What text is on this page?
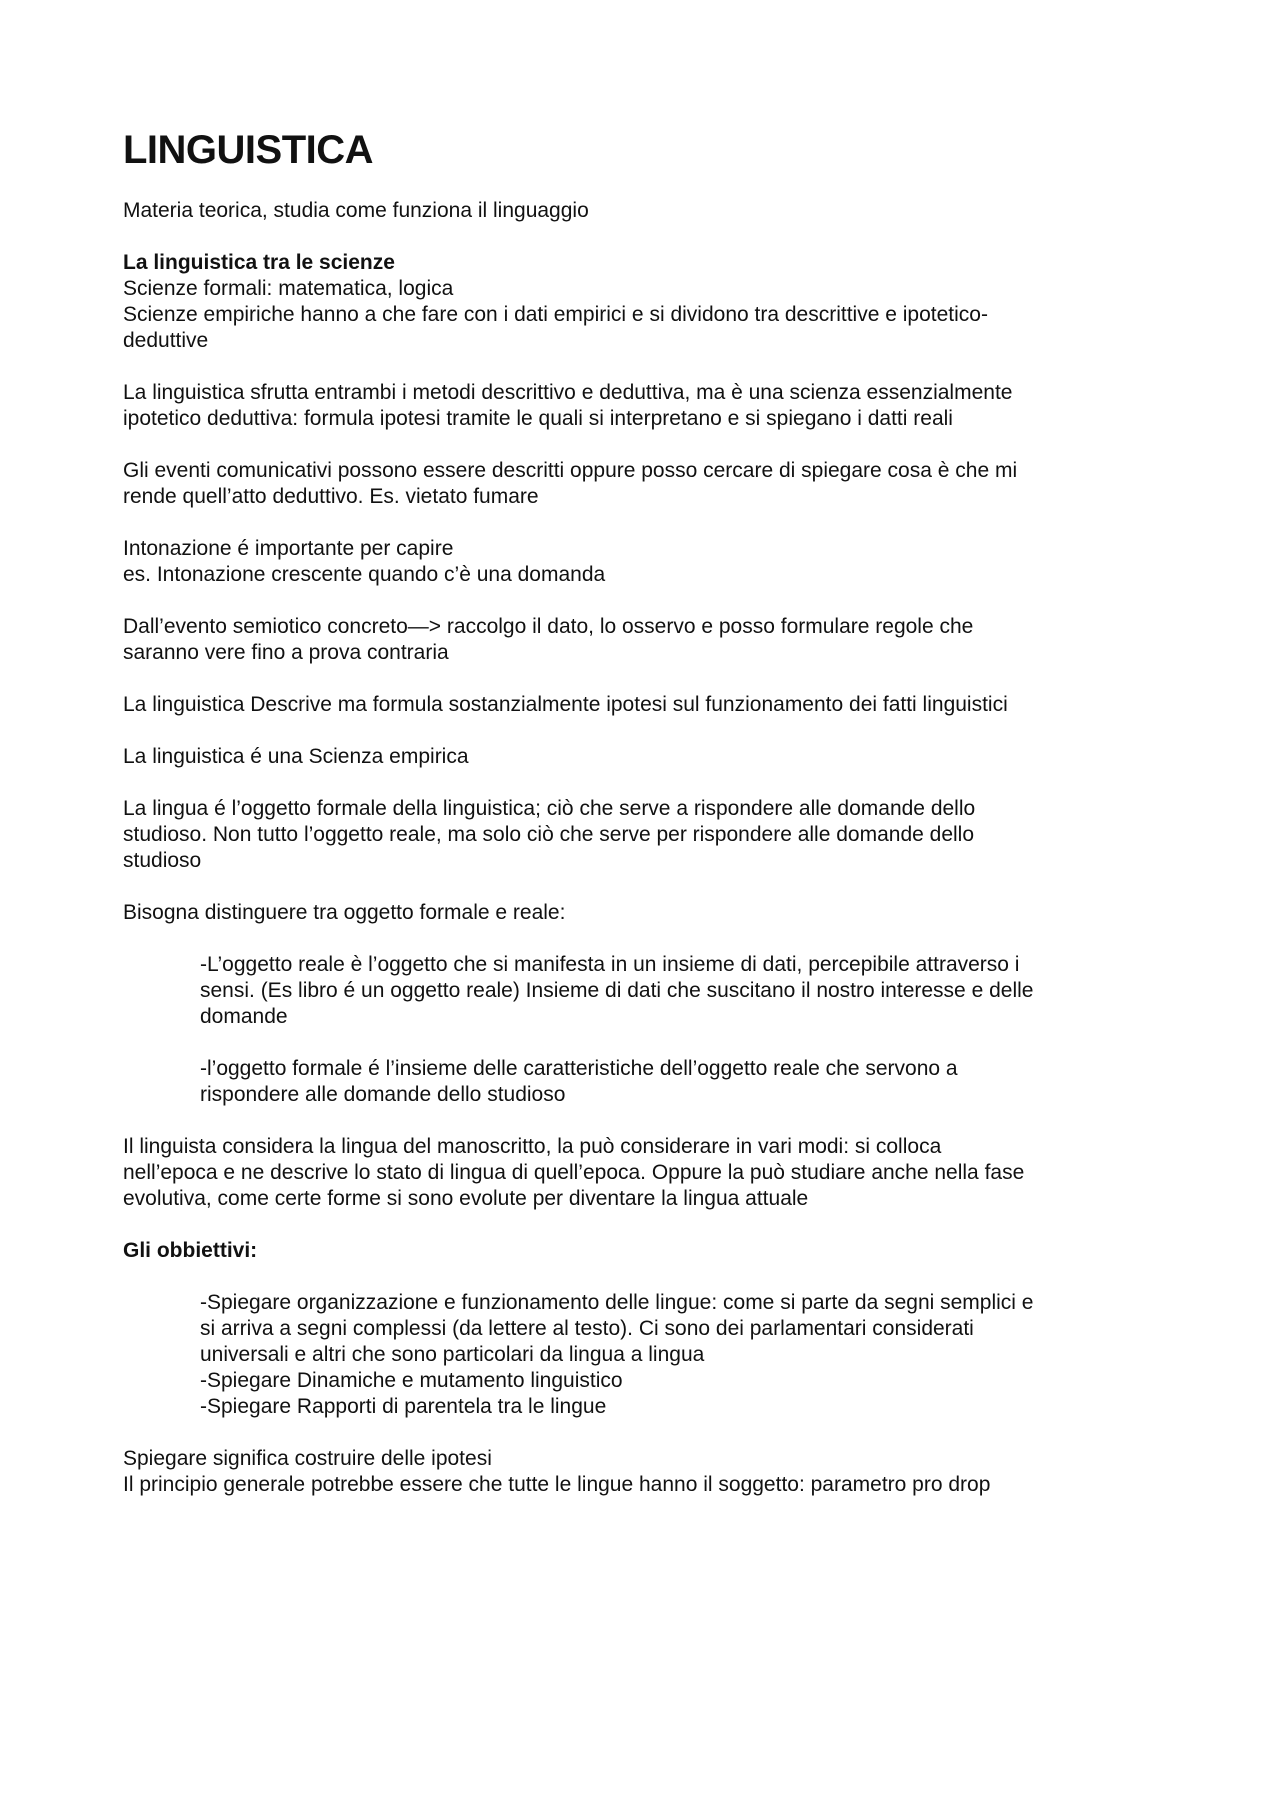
LINGUISTICA
Materia teorica, studia come funziona il linguaggio
La linguistica tra le scienze
Scienze formali: matematica, logica
Scienze empiriche hanno a che fare con i dati empirici e si dividono tra descrittive e ipotetico-
deduttive
La linguistica sfrutta entrambi i metodi descrittivo e deduttiva, ma è una scienza essenzialmente
ipotetico deduttiva: formula ipotesi tramite le quali si interpretano e si spiegano i datti reali
Gli eventi comunicativi possono essere descritti oppure posso cercare di spiegare cosa è che mi
rende quell’atto deduttivo. Es. vietato fumare
Intonazione é importante per capire
es. Intonazione crescente quando c’è una domanda
Dall’evento semiotico concreto—> raccolgo il dato, lo osservo e posso formulare regole che
saranno vere fino a prova contraria
La linguistica Descrive ma formula sostanzialmente ipotesi sul funzionamento dei fatti linguistici
La linguistica é una Scienza empirica
La lingua é l’oggetto formale della linguistica; ciò che serve a rispondere alle domande dello
studioso. Non tutto l’oggetto reale, ma solo ciò che serve per rispondere alle domande dello
studioso
Bisogna distinguere tra oggetto formale e reale:
-L’oggetto reale è l’oggetto che si manifesta in un insieme di dati, percepibile attraverso i
sensi. (Es libro é un oggetto reale) Insieme di dati che suscitano il nostro interesse e delle
domande
-l’oggetto formale é l’insieme delle caratteristiche dell’oggetto reale che servono a
rispondere alle domande dello studioso
Il linguista considera la lingua del manoscritto, la può considerare in vari modi: si colloca
nell’epoca e ne descrive lo stato di lingua di quell’epoca. Oppure la può studiare anche nella fase
evolutiva, come certe forme si sono evolute per diventare la lingua attuale
Gli obbiettivi:
-Spiegare organizzazione e funzionamento delle lingue: come si parte da segni semplici e
si arriva a segni complessi (da lettere al testo). Ci sono dei parlamentari considerati
universali e altri che sono particolari da lingua a lingua
-Spiegare Dinamiche e mutamento linguistico
-Spiegare Rapporti di parentela tra le lingue
Spiegare significa costruire delle ipotesi
Il principio generale potrebbe essere che tutte le lingue hanno il soggetto: parametro pro drop
